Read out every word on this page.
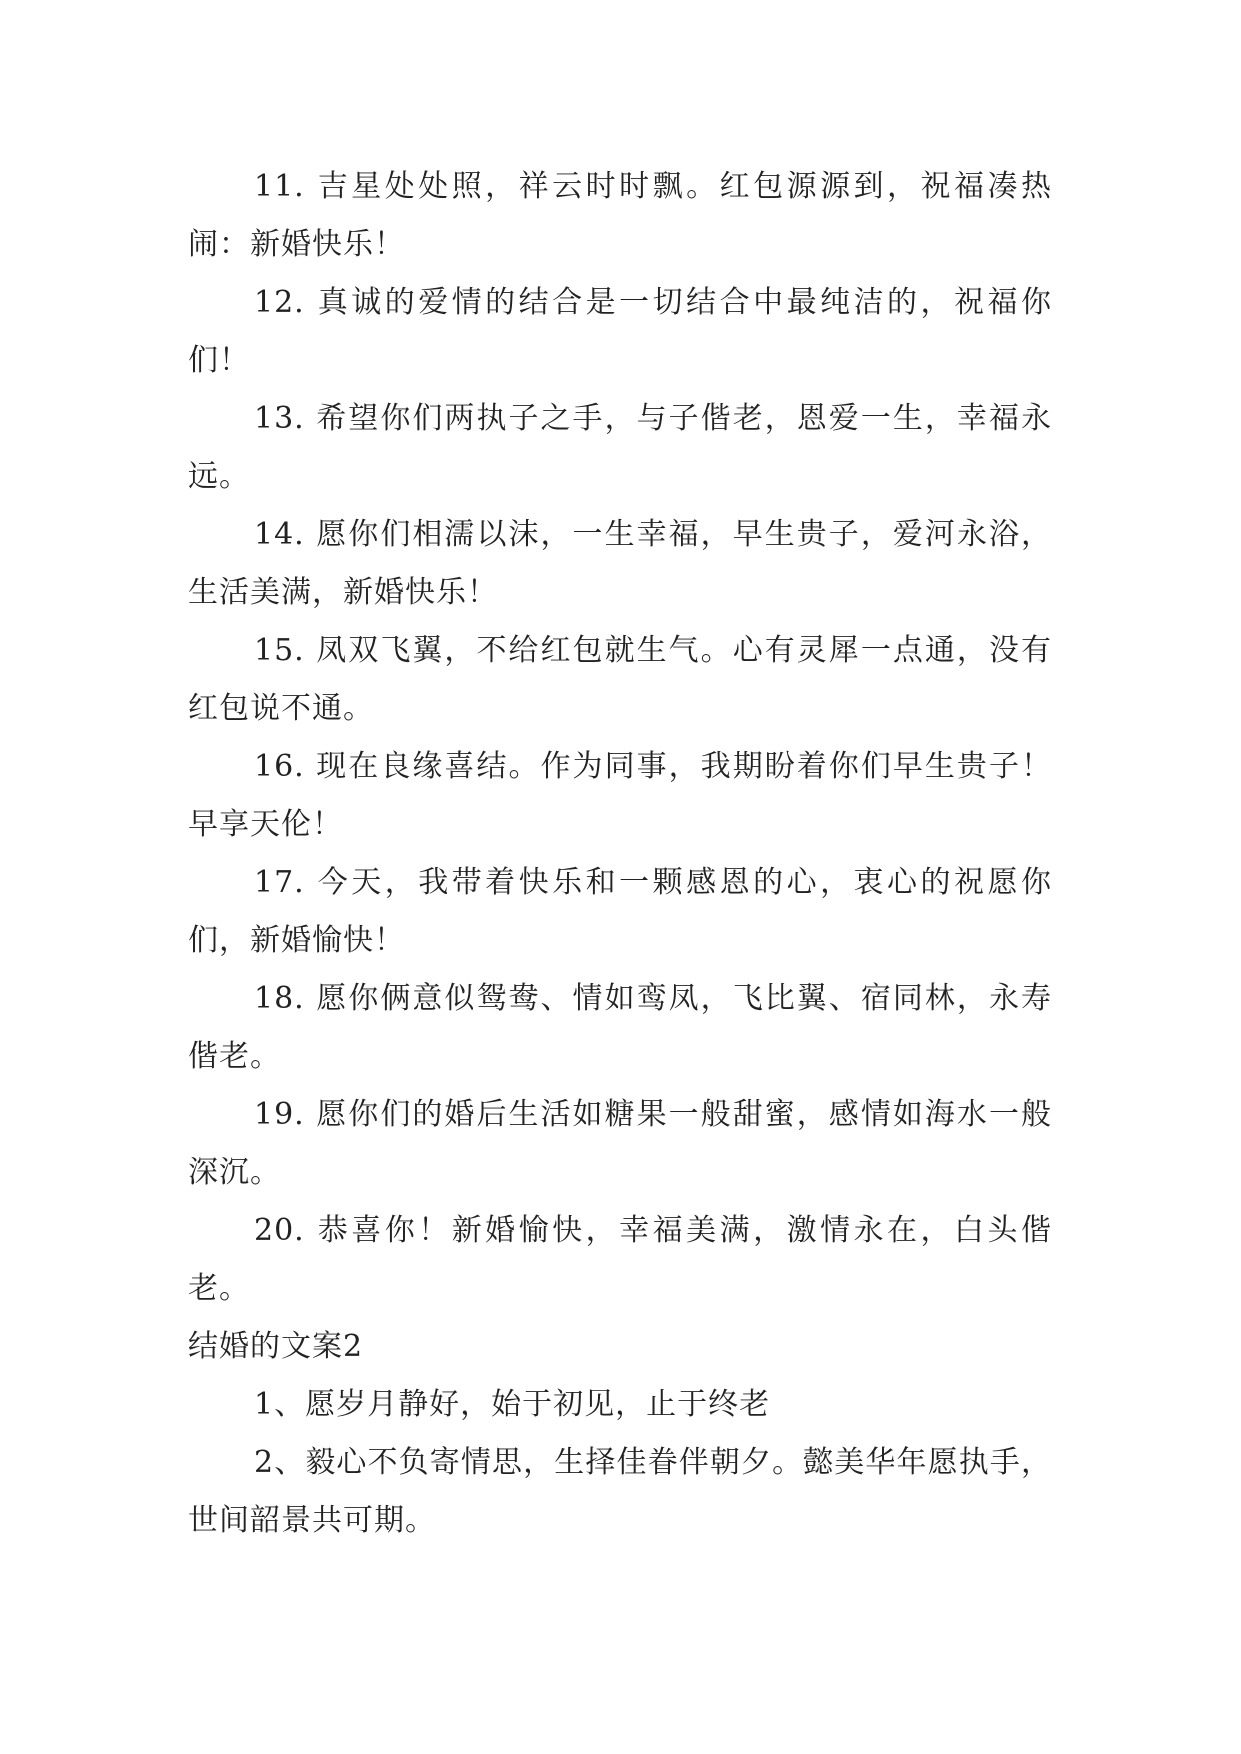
11. 吉星处处照，祥云时时飘。红包源源到，祝福凑热闹：新婚快乐！

12. 真诚的爱情的结合是一切结合中最纯洁的，祝福你们！

13. 希望你们两执子之手，与子偕老，恩爱一生，幸福永远。

14. 愿你们相濡以沫，一生幸福，早生贵子，爱河永浴，生活美满，新婚快乐！

15. 凤双飞翼，不给红包就生气。心有灵犀一点通，没有红包说不通。

16. 现在良缘喜结。作为同事，我期盼着你们早生贵子！早享天伦！

17. 今天，我带着快乐和一颗感恩的心，衷心的祝愿你们，新婚愉快！

18. 愿你俩意似鸳鸯、情如鸾凤，飞比翼、宿同林，永寿偕老。

19. 愿你们的婚后生活如糖果一般甜蜜，感情如海水一般深沉。

20. 恭喜你！新婚愉快，幸福美满，激情永在，白头偕老。

结婚的文案2

1、愿岁月静好，始于初见，止于终老

2、毅心不负寄情思，生择佳眷伴朝夕。懿美华年愿执手，世间韶景共可期。
